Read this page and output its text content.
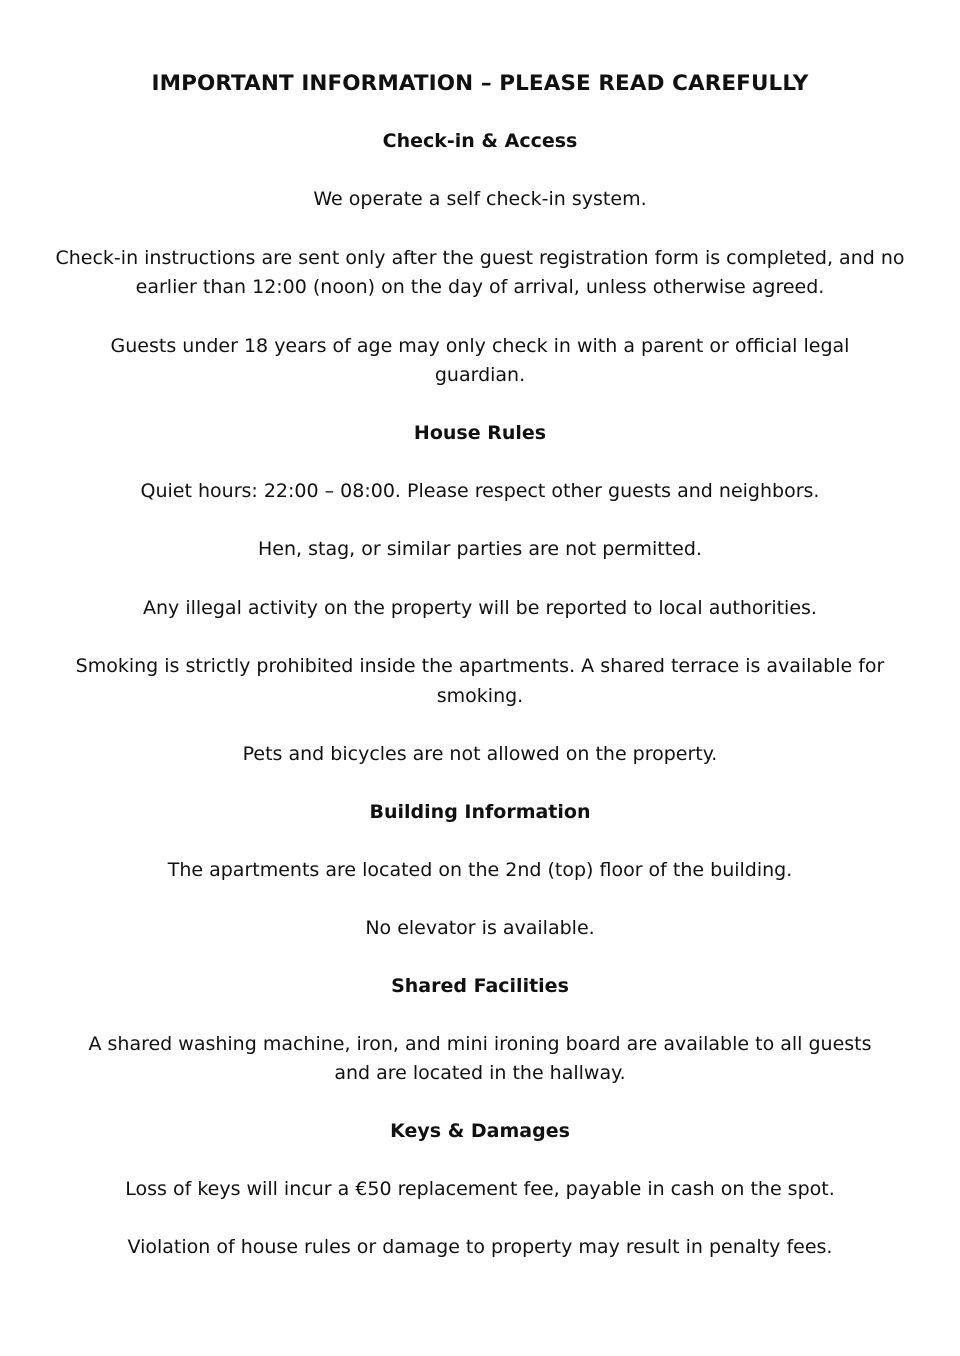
IMPORTANT INFORMATION – PLEASE READ CAREFULLY
Check-in & Access

We operate a self check-in system.

Check-in instructions are sent only after the guest registration form is completed, and no earlier than 12:00 (noon) on the day of arrival, unless otherwise agreed.

Guests under 18 years of age may only check in with a parent or official legal guardian.

House Rules

Quiet hours: 22:00 – 08:00. Please respect other guests and neighbors.

Hen, stag, or similar parties are not permitted.

Any illegal activity on the property will be reported to local authorities.

Smoking is strictly prohibited inside the apartments. A shared terrace is available for smoking.

Pets and bicycles are not allowed on the property.

Building Information

The apartments are located on the 2nd (top) floor of the building.

No elevator is available.

Shared Facilities

A shared washing machine, iron, and mini ironing board are available to all guests and are located in the hallway.

Keys & Damages

Loss of keys will incur a €50 replacement fee, payable in cash on the spot.

Violation of house rules or damage to property may result in penalty fees.
